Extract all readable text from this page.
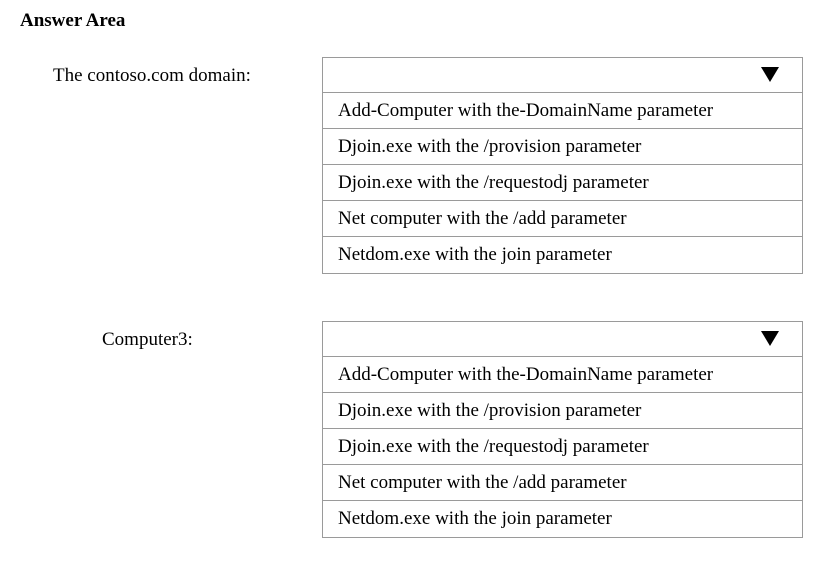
Answer Area
The contoso.com domain:
Add-Computer with the-DomainName parameter
Djoin.exe with the /provision parameter
Djoin.exe with the /requestodj parameter
Net computer with the /add parameter
Netdom.exe with the join parameter
Computer3:
Add-Computer with the-DomainName parameter
Djoin.exe with the /provision parameter
Djoin.exe with the /requestodj parameter
Net computer with the /add parameter
Netdom.exe with the join parameter
